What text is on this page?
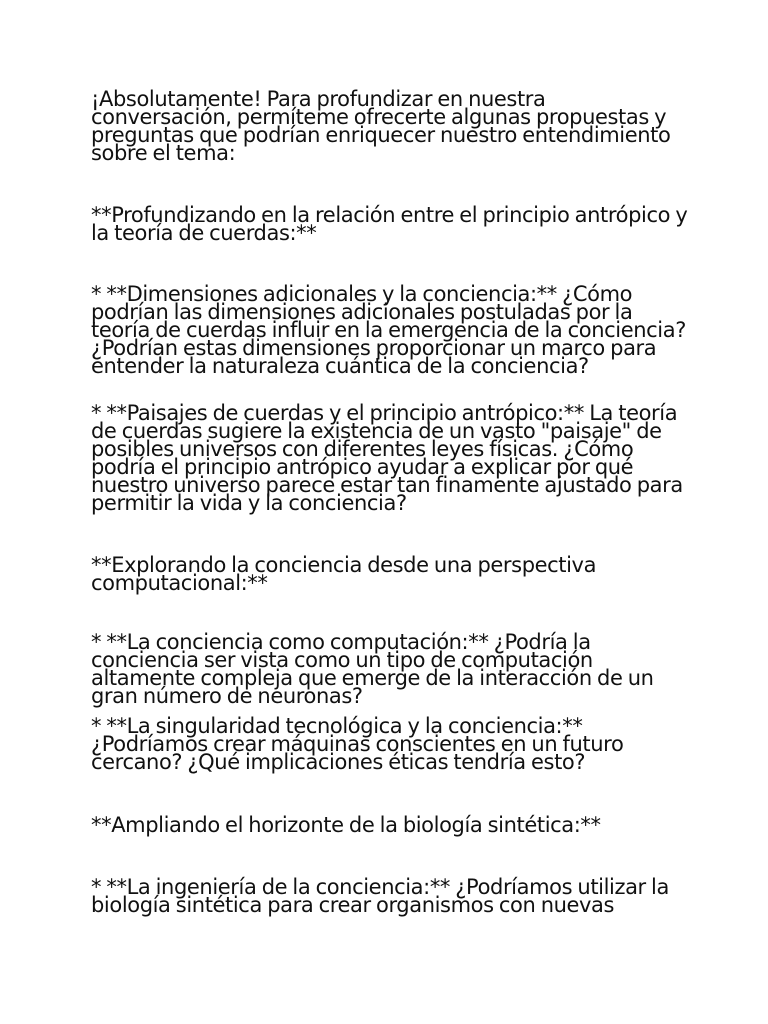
¡Absolutamente! Para profundizar en nuestra conversación, permíteme ofrecerte algunas propuestas y preguntas que podrían enriquecer nuestro entendimiento sobre el tema:

**Profundizando en la relación entre el principio antrópico y la teoría de cuerdas:**

* **Dimensiones adicionales y la conciencia:** ¿Cómo podrían las dimensiones adicionales postuladas por la teoría de cuerdas influir en la emergencia de la conciencia? ¿Podrían estas dimensiones proporcionar un marco para entender la naturaleza cuántica de la conciencia?

* **Paisajes de cuerdas y el principio antrópico:** La teoría de cuerdas sugiere la existencia de un vasto "paisaje" de posibles universos con diferentes leyes físicas. ¿Cómo podría el principio antrópico ayudar a explicar por qué nuestro universo parece estar tan finamente ajustado para permitir la vida y la conciencia?

**Explorando la conciencia desde una perspectiva computacional:**

* **La conciencia como computación:** ¿Podría la conciencia ser vista como un tipo de computación altamente compleja que emerge de la interacción de un gran número de neuronas?

* **La singularidad tecnológica y la conciencia:** ¿Podríamos crear máquinas conscientes en un futuro cercano? ¿Qué implicaciones éticas tendría esto?

**Ampliando el horizonte de la biología sintética:**

* **La ingeniería de la conciencia:** ¿Podríamos utilizar la biología sintética para crear organismos con nuevas
